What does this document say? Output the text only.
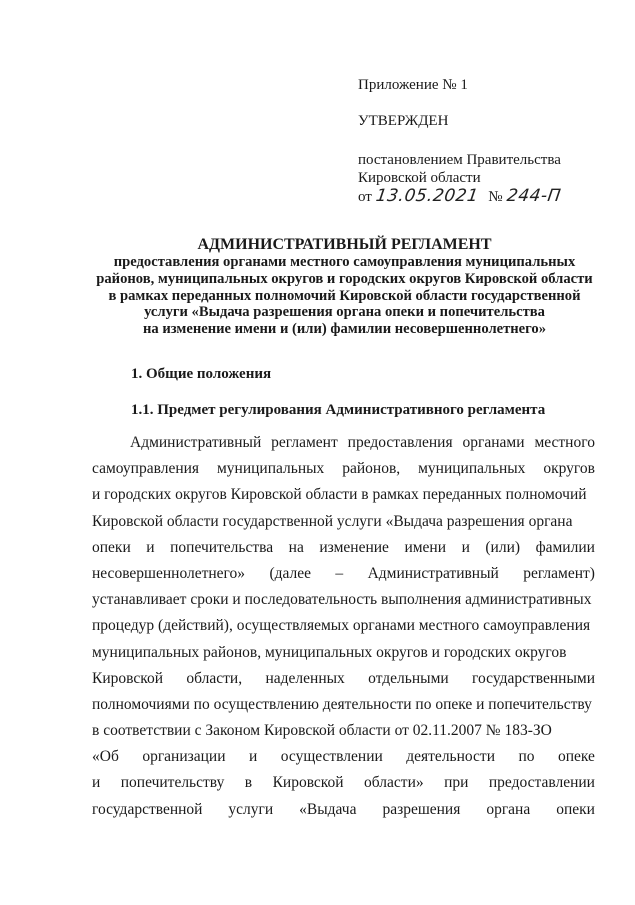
Приложение № 1
УТВЕРЖДЕН
постановлением Правительства
Кировской области
от 13.05.2021 № 244-П

АДМИНИСТРАТИВНЫЙ РЕГЛАМЕНТ

предоставления органами местного самоуправления муниципальных
районов, муниципальных округов и городских округов Кировской области
в рамках переданных полномочий Кировской области государственной
услуги «Выдача разрешения органа опеки и попечительства
на изменение имени и (или) фамилии несовершеннолетнего»

1. Общие положения
1.1. Предмет регулирования Административного регламента
Административный регламент предоставления органами местного
самоуправления муниципальных районов, муниципальных округов
и городских округов Кировской области в рамках переданных полномочий
Кировской области государственной услуги «Выдача разрешения органа
опеки и попечительства на изменение имени и (или) фамилии
несовершеннолетнего» (далее – Административный регламент)
устанавливает сроки и последовательность выполнения административных
процедур (действий), осуществляемых органами местного самоуправления
муниципальных районов, муниципальных округов и городских округов
Кировской области, наделенных отдельными государственными
полномочиями по осуществлению деятельности по опеке и попечительству
в соответствии с Законом Кировской области от 02.11.2007 № 183-ЗО
«Об организации и осуществлении деятельности по опеке
и попечительству в Кировской области» при предоставлении
государственной услуги «Выдача разрешения органа опеки
